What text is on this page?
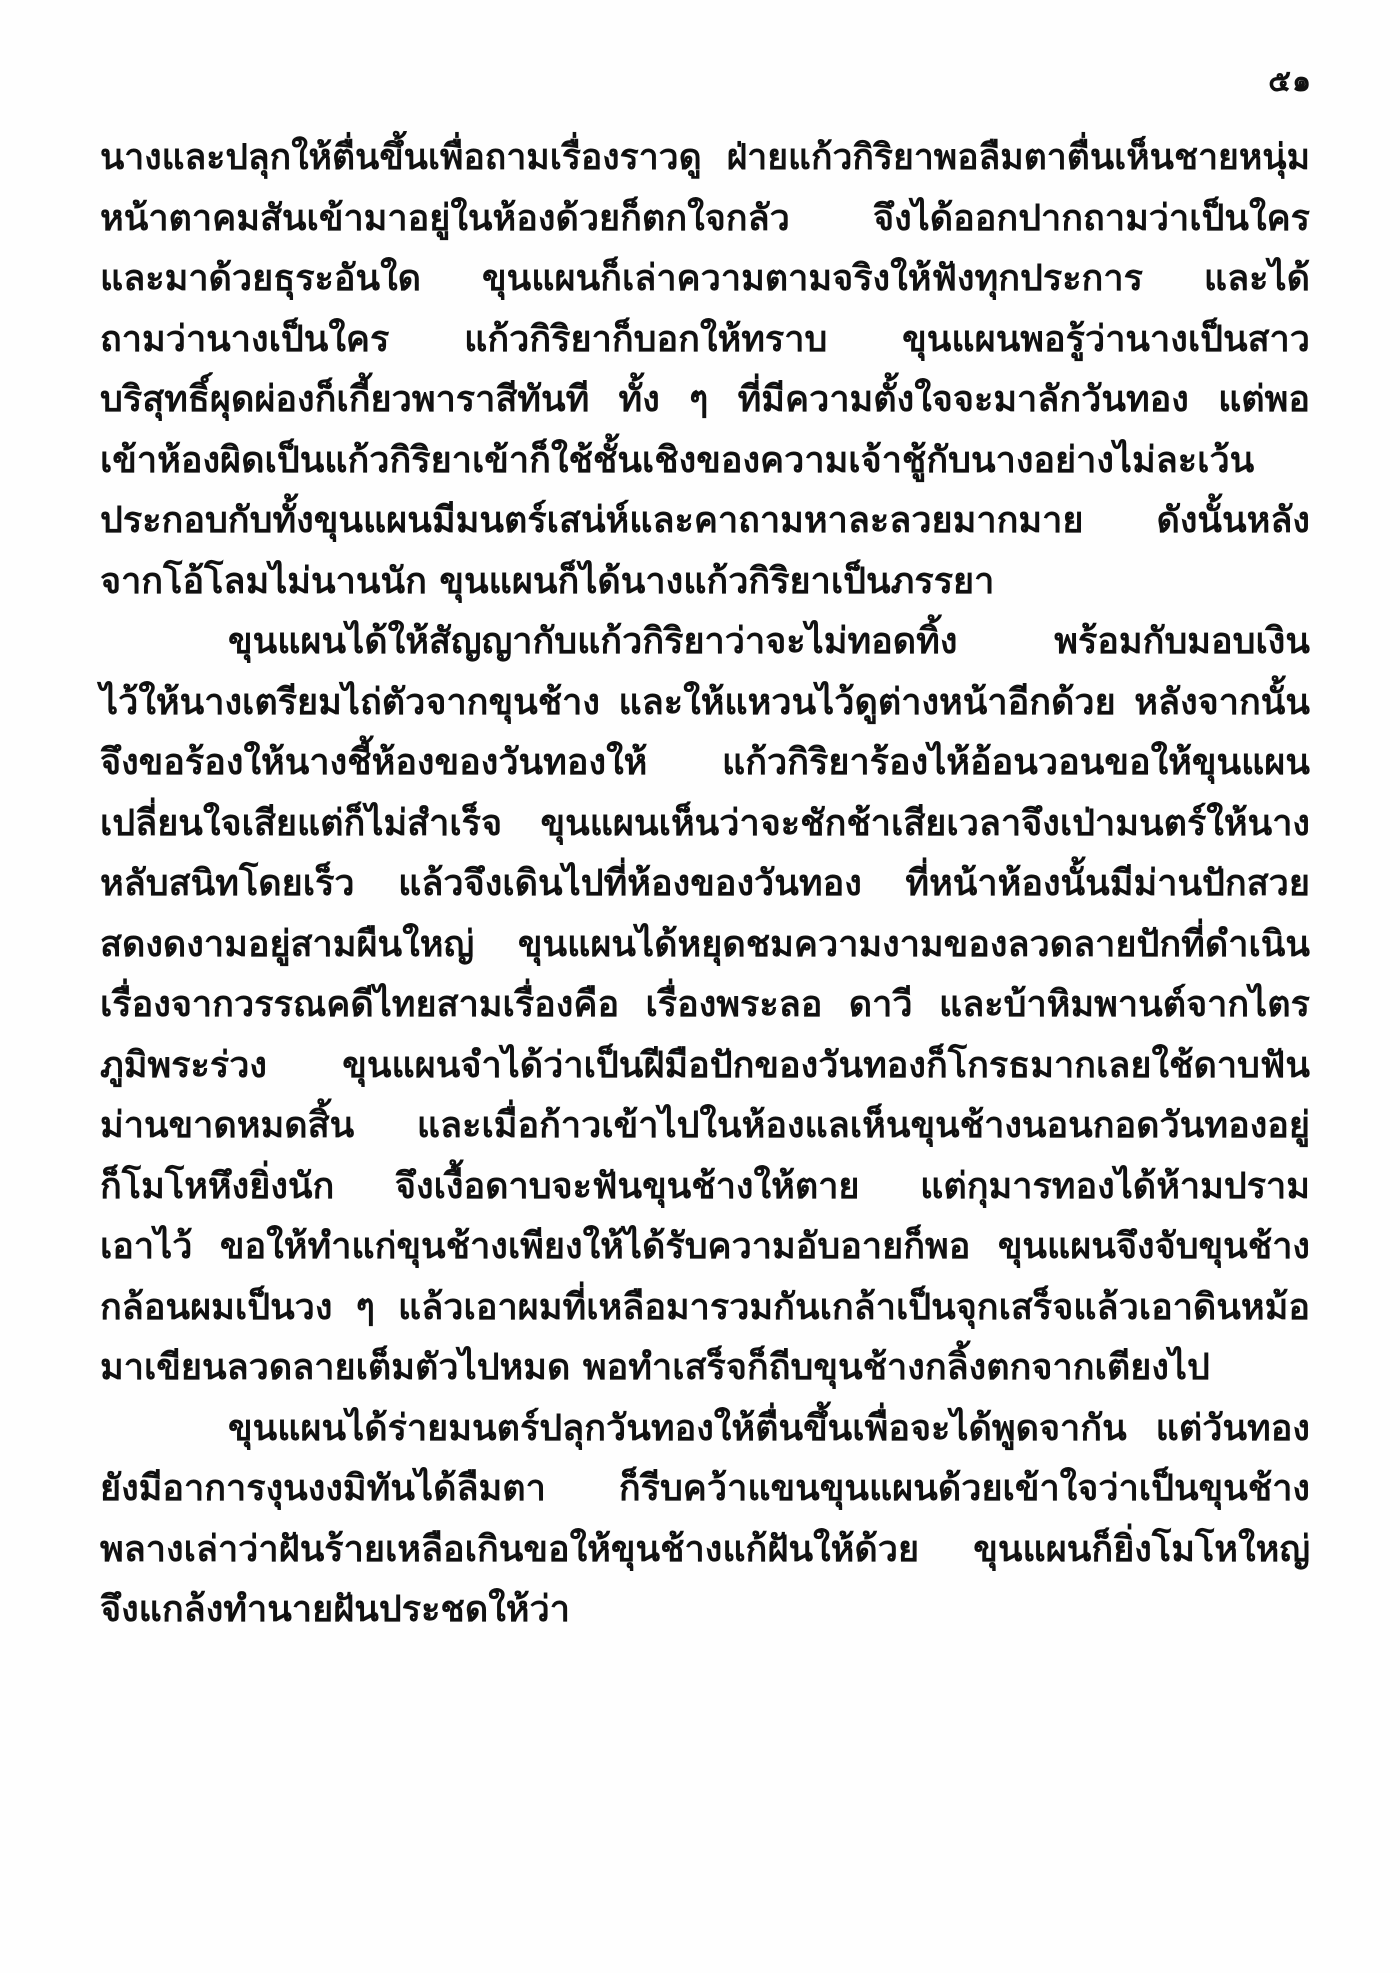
๕๑
นางและปลุกให้ตื่นขึ้นเพื่อถามเรื่องราวดู ฝ่ายแก้วกิริยาพอลืมตาตื่นเห็นชายหนุ่ม
หน้าตาคมสันเข้ามาอยู่ในห้องด้วยก็ตกใจกลัว จึงได้ออกปากถามว่าเป็นใคร
และมาด้วยธุระอันใด ขุนแผนก็เล่าความตามจริงให้ฟังทุกประการ และได้
ถามว่านางเป็นใคร แก้วกิริยาก็บอกให้ทราบ ขุนแผนพอรู้ว่านางเป็นสาว
บริสุทธิ์ผุดผ่องก็เกี้ยวพาราสีทันที ทั้ง ๆ ที่มีความตั้งใจจะมาลักวันทอง แต่พอ
เข้าห้องผิดเป็นแก้วกิริยาเข้าก็ใช้ชั้นเชิงของความเจ้าชู้กับนางอย่างไม่ละเว้น
ประกอบกับทั้งขุนแผนมีมนตร์เสน่ห์และคาถามหาละลวยมากมาย ดังนั้นหลัง
จากโอ้โลมไม่นานนัก ขุนแผนก็ได้นางแก้วกิริยาเป็นภรรยา
ขุนแผนได้ให้สัญญากับแก้วกิริยาว่าจะไม่ทอดทิ้ง พร้อมกับมอบเงิน
ไว้ให้นางเตรียมไถ่ตัวจากขุนช้าง และให้แหวนไว้ดูต่างหน้าอีกด้วย หลังจากนั้น
จึงขอร้องให้นางชี้ห้องของวันทองให้ แก้วกิริยาร้องไห้อ้อนวอนขอให้ขุนแผน
เปลี่ยนใจเสียแต่ก็ไม่สำเร็จ ขุนแผนเห็นว่าจะชักช้าเสียเวลาจึงเป่ามนตร์ให้นาง
หลับสนิทโดยเร็ว แล้วจึงเดินไปที่ห้องของวันทอง ที่หน้าห้องนั้นมีม่านปักสวย
สดงดงามอยู่สามผืนใหญ่ ขุนแผนได้หยุดชมความงามของลวดลายปักที่ดำเนิน
เรื่องจากวรรณคดีไทยสามเรื่องคือ เรื่องพระลอ ดาวี และบ้าหิมพานต์จากไตร
ภูมิพระร่วง ขุนแผนจำได้ว่าเป็นฝีมือปักของวันทองก็โกรธมากเลยใช้ดาบฟัน
ม่านขาดหมดสิ้น และเมื่อก้าวเข้าไปในห้องแลเห็นขุนช้างนอนกอดวันทองอยู่
ก็โมโหหึงยิ่งนัก จึงเงื้อดาบจะฟันขุนช้างให้ตาย แต่กุมารทองได้ห้ามปราม
เอาไว้ ขอให้ทำแก่ขุนช้างเพียงให้ได้รับความอับอายก็พอ ขุนแผนจึงจับขุนช้าง
กล้อนผมเป็นวง ๆ แล้วเอาผมที่เหลือมารวมกันเกล้าเป็นจุกเสร็จแล้วเอาดินหม้อ
มาเขียนลวดลายเต็มตัวไปหมด พอทำเสร็จก็ถีบขุนช้างกลิ้งตกจากเตียงไป
ขุนแผนได้ร่ายมนตร์ปลุกวันทองให้ตื่นขึ้นเพื่อจะได้พูดจากัน แต่วันทอง
ยังมีอาการงุนงงมิทันได้ลืมตา ก็รีบคว้าแขนขุนแผนด้วยเข้าใจว่าเป็นขุนช้าง
พลางเล่าว่าฝันร้ายเหลือเกินขอให้ขุนช้างแก้ฝันให้ด้วย ขุนแผนก็ยิ่งโมโหใหญ่
จึงแกล้งทำนายฝันประชดให้ว่า
